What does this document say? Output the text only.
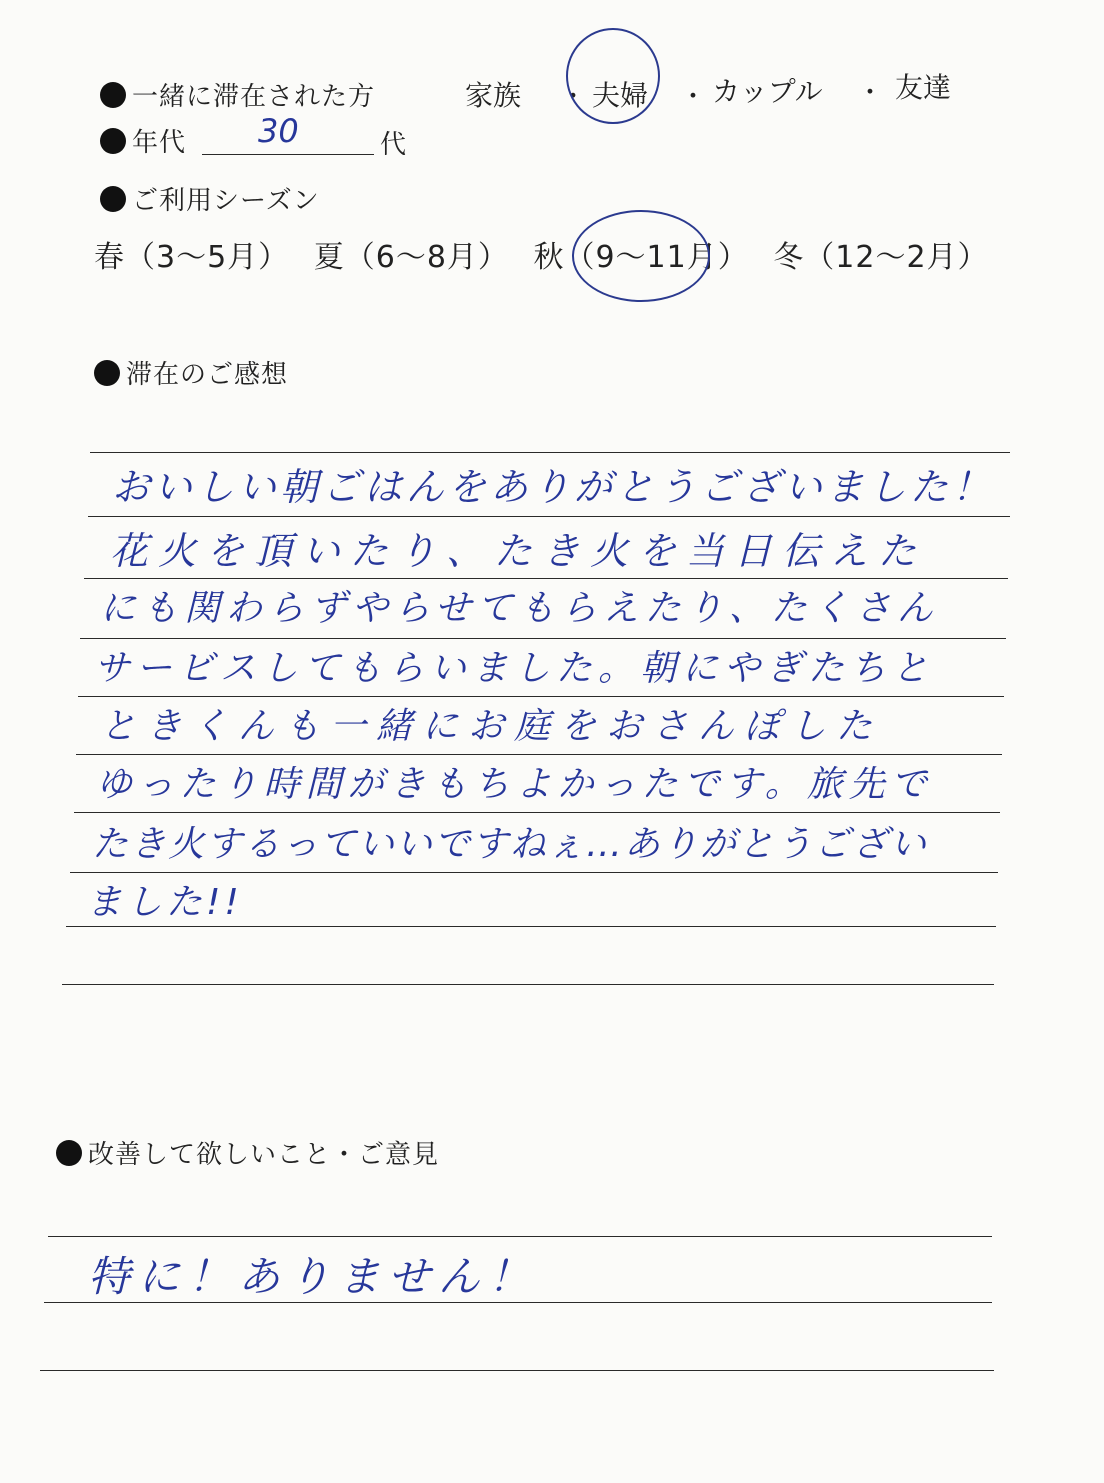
一緒に滞在された方	家族 ・ 夫婦 ・ カップル ・ 友達
年代 30	代
ご利用シーズン
春（3〜5月） 夏（6〜8月） 秋（9〜11月） 冬（12〜2月）
滞在のご感想
おいしい朝ごはんをありがとうございました！
花火を頂いたり、たき火を当日伝えた
にも関わらずやらせてもらえたり、たくさん
サービスしてもらいました。朝にやぎたちと
ときくんも一緒にお庭をおさんぽした
ゆったり時間がきもちよかったです。旅先で
たき火するっていいですねぇ…ありがとうござい
ました!!
改善して欲しいこと・ご意見
特に！ありません！
